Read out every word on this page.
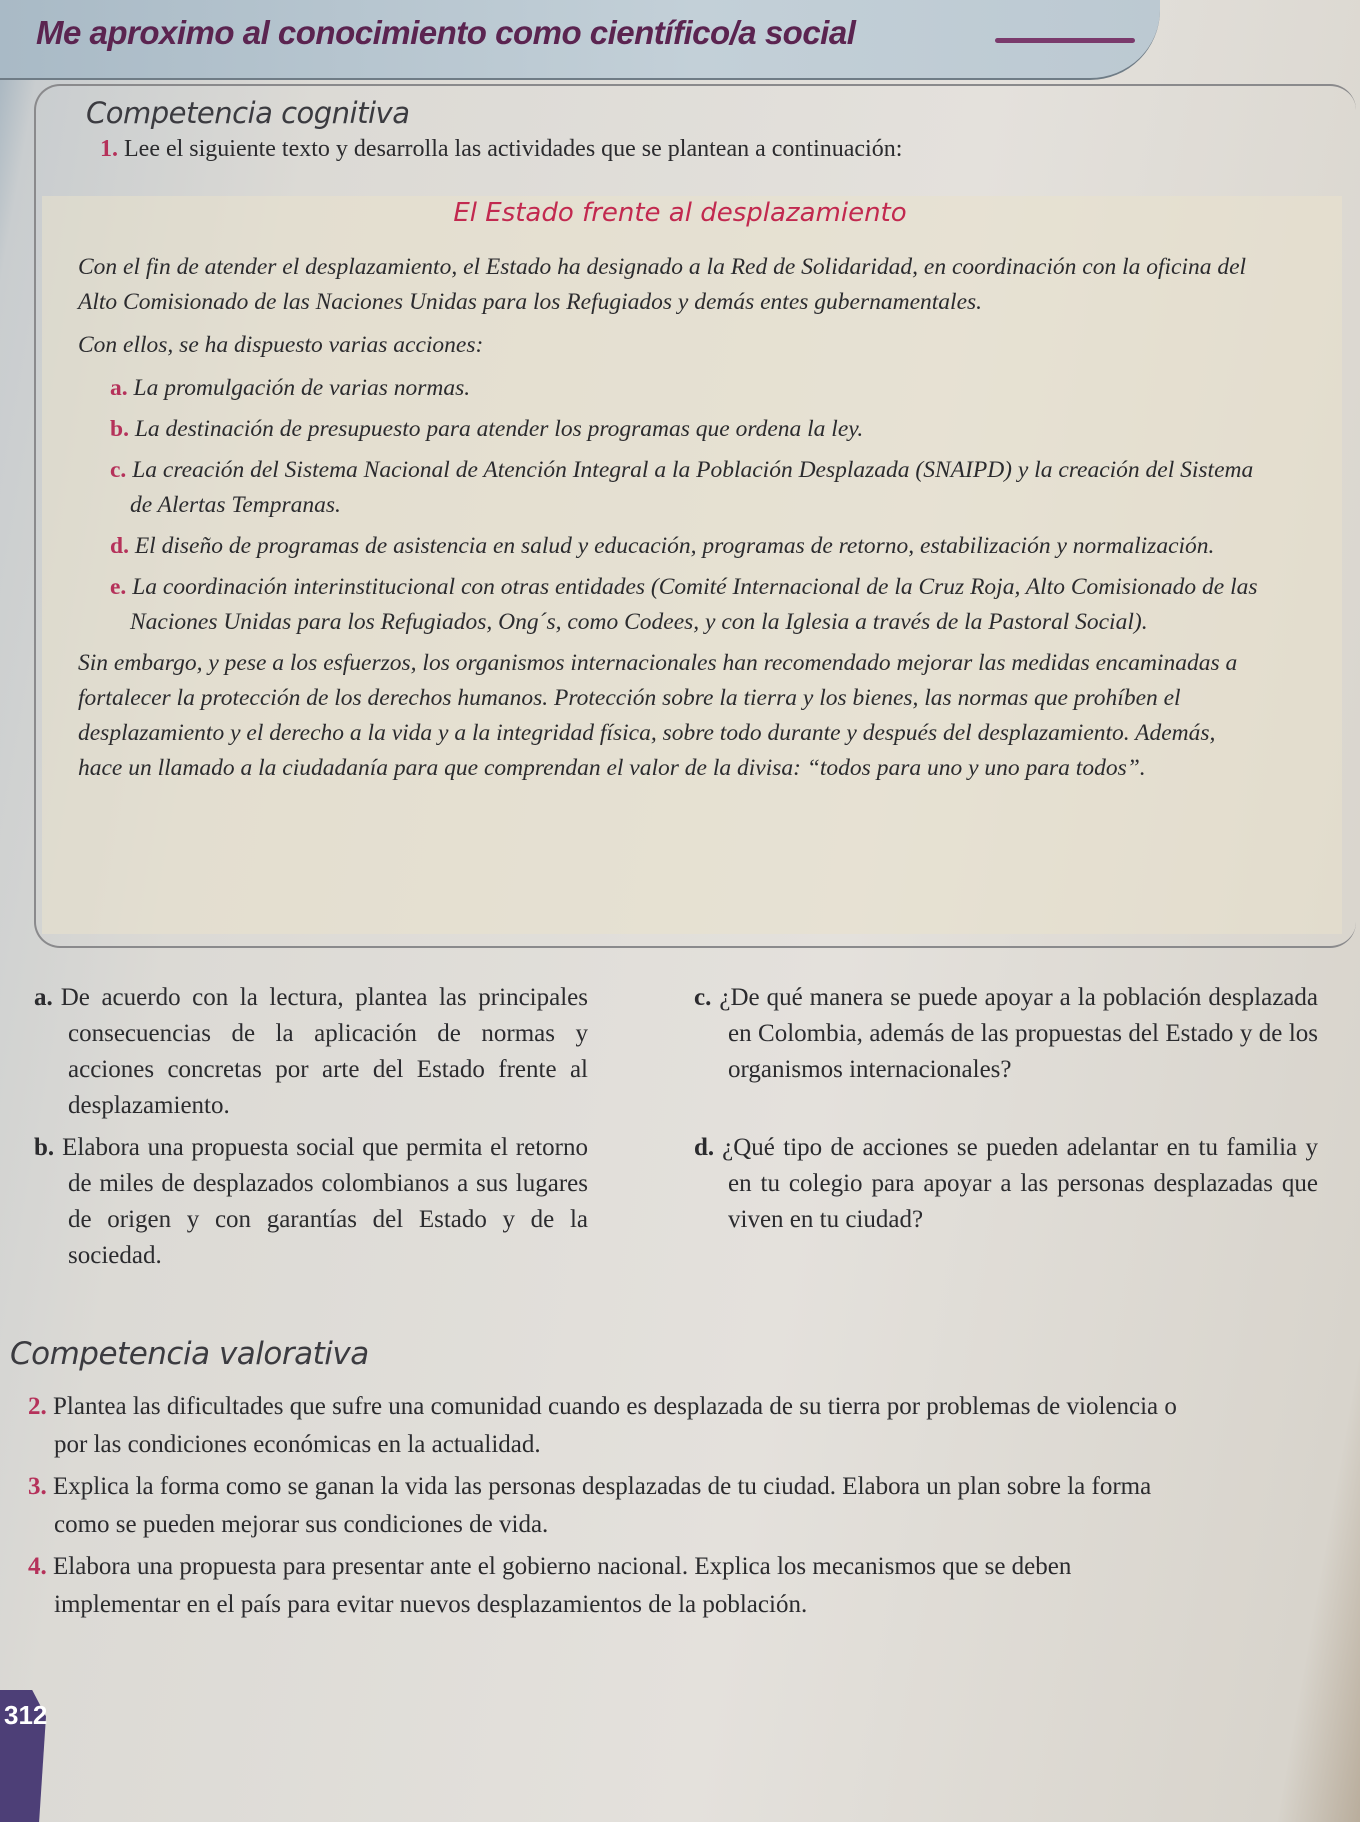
Me aproximo al conocimiento como científico/a social
Competencia cognitiva
1. Lee el siguiente texto y desarrolla las actividades que se plantean a continuación:
El Estado frente al desplazamiento

Con el fin de atender el desplazamiento, el Estado ha designado a la Red de Solidaridad, en coordinación con la oficina del Alto Comisionado de las Naciones Unidas para los Refugiados y demás entes gubernamentales.

Con ellos, se ha dispuesto varias acciones:

a. La promulgación de varias normas.

b. La destinación de presupuesto para atender los programas que ordena la ley.

c. La creación del Sistema Nacional de Atención Integral a la Población Desplazada (SNAIPD) y la creación del Sistema de Alertas Tempranas.

d. El diseño de programas de asistencia en salud y educación, programas de retorno, estabilización y normalización.

e. La coordinación interinstitucional con otras entidades (Comité Internacional de la Cruz Roja, Alto Comisionado de las Naciones Unidas para los Refugiados, Ong´s, como Codees, y con la Iglesia a través de la Pastoral Social).

Sin embargo, y pese a los esfuerzos, los organismos internacionales han recomendado mejorar las medidas encaminadas a fortalecer la protección de los derechos humanos. Protección sobre la tierra y los bienes, las normas que prohíben el desplazamiento y el derecho a la vida y a la integridad física, sobre todo durante y después del desplazamiento. Además, hace un llamado a la ciudadanía para que comprendan el valor de la divisa: “todos para uno y uno para todos”.

a. De acuerdo con la lectura, plantea las principales consecuencias de la aplicación de normas y acciones concretas por arte del Estado frente al desplazamiento.
b. Elabora una propuesta social que permita el retorno de miles de desplazados colombianos a sus lugares de origen y con garantías del Estado y de la sociedad.
c. ¿De qué manera se puede apoyar a la población desplazada en Colombia, además de las propuestas del Estado y de los organismos internacionales?
d. ¿Qué tipo de acciones se pueden adelantar en tu familia y en tu colegio para apoyar a las personas desplazadas que viven en tu ciudad?
Competencia valorativa

2. Plantea las dificultades que sufre una comunidad cuando es desplazada de su tierra por problemas de violencia o por las condiciones económicas en la actualidad.

3. Explica la forma como se ganan la vida las personas desplazadas de tu ciudad. Elabora un plan sobre la forma como se pueden mejorar sus condiciones de vida.

4. Elabora una propuesta para presentar ante el gobierno nacional. Explica los mecanismos que se deben implementar en el país para evitar nuevos desplazamientos de la población.

312
